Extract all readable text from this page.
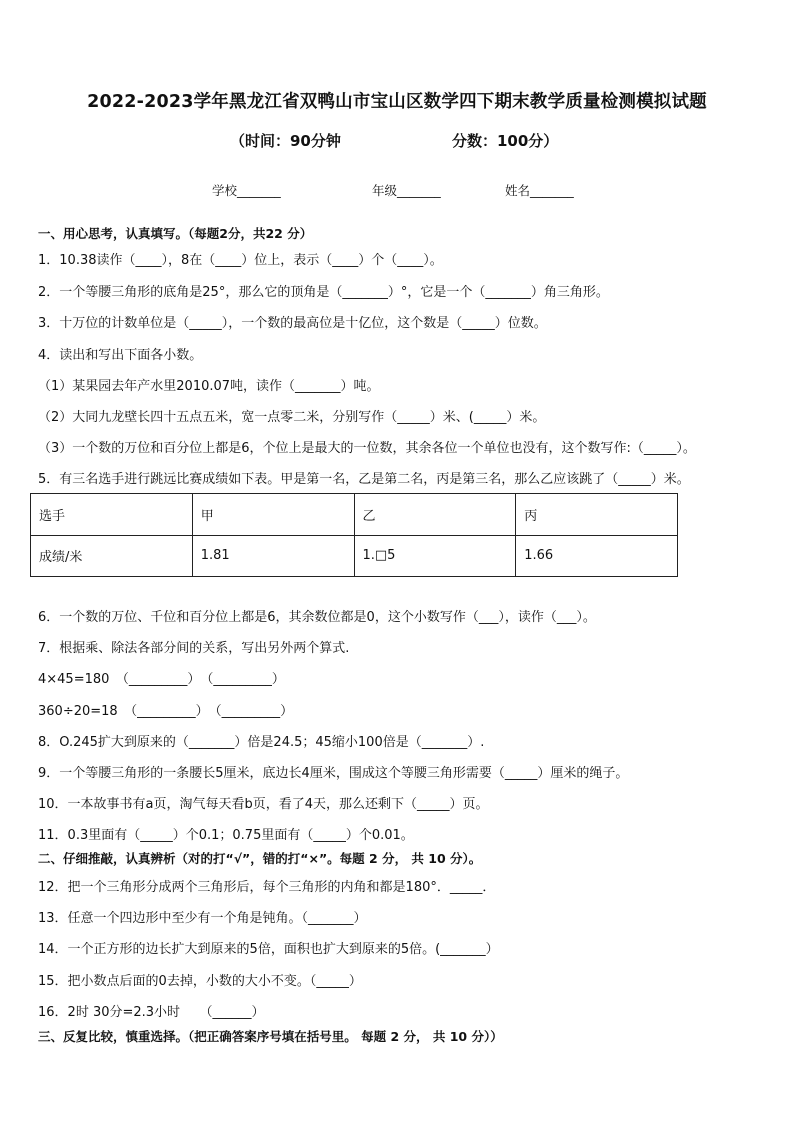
2022-2023学年黑龙江省双鸭山市宝山区数学四下期末教学质量检测模拟试题
（时间：90分钟	分数：100分）
学校_______	年级_______	姓名_______
一、用心思考，认真填写。（每题2分，共22 分）
1．10.38读作（____），8在（____）位上，表示（____）个（____）。
2．一个等腰三角形的底角是25°，那么它的顶角是（_______）°，它是一个（_______）角三角形。
3．十万位的计数单位是（_____），一个数的最高位是十亿位，这个数是（_____）位数。
4．读出和写出下面各小数。
（1）某果园去年产水里2010.07吨，读作（_______）吨。
（2）大同九龙壁长四十五点五米，宽一点零二米，分别写作（_____）米、(_____）米。
（3）一个数的万位和百分位上都是6，个位上是最大的一位数，其余各位一个单位也没有，这个数写作:（_____）。
5．有三名选手进行跳远比赛成绩如下表。甲是第一名，乙是第二名，丙是第三名，那么乙应该跳了（_____）米。
选手	甲	乙	丙
成绩/米	1.81	1.□5	1.66
6．一个数的万位、千位和百分位上都是6，其余数位都是0，这个小数写作（___），读作（___）。
7．根据乘、除法各部分间的关系，写出另外两个算式.
4×45=180　（_________）　（_________）
360÷20=18　（_________）　（_________）
8．O.245扩大到原来的（_______）倍是24.5；45缩小100倍是（_______）.
9．一个等腰三角形的一条腰长5厘米，底边长4厘米，围成这个等腰三角形需要（_____）厘米的绳子。
10．一本故事书有a页，淘气每天看b页，看了4天，那么还剩下（_____）页。
11．0.3里面有（_____）个0.1；0.75里面有（_____）个0.01。
二、仔细推敲，认真辨析（对的打“√”，错的打“×”。每题 2 分， 共 10 分）。
12．把一个三角形分成两个三角形后，每个三角形的内角和都是180°．_____．
13．任意一个四边形中至少有一个角是钝角。（_______）
14．一个正方形的边长扩大到原来的5倍，面积也扩大到原来的5倍。(_______）
15．把小数点后面的0去掉，小数的大小不变。（_____）
16．2时 30分=2.3小时　　（______）
三、反复比较，慎重选择。（把正确答案序号填在括号里。 每题 2 分， 共 10 分））
